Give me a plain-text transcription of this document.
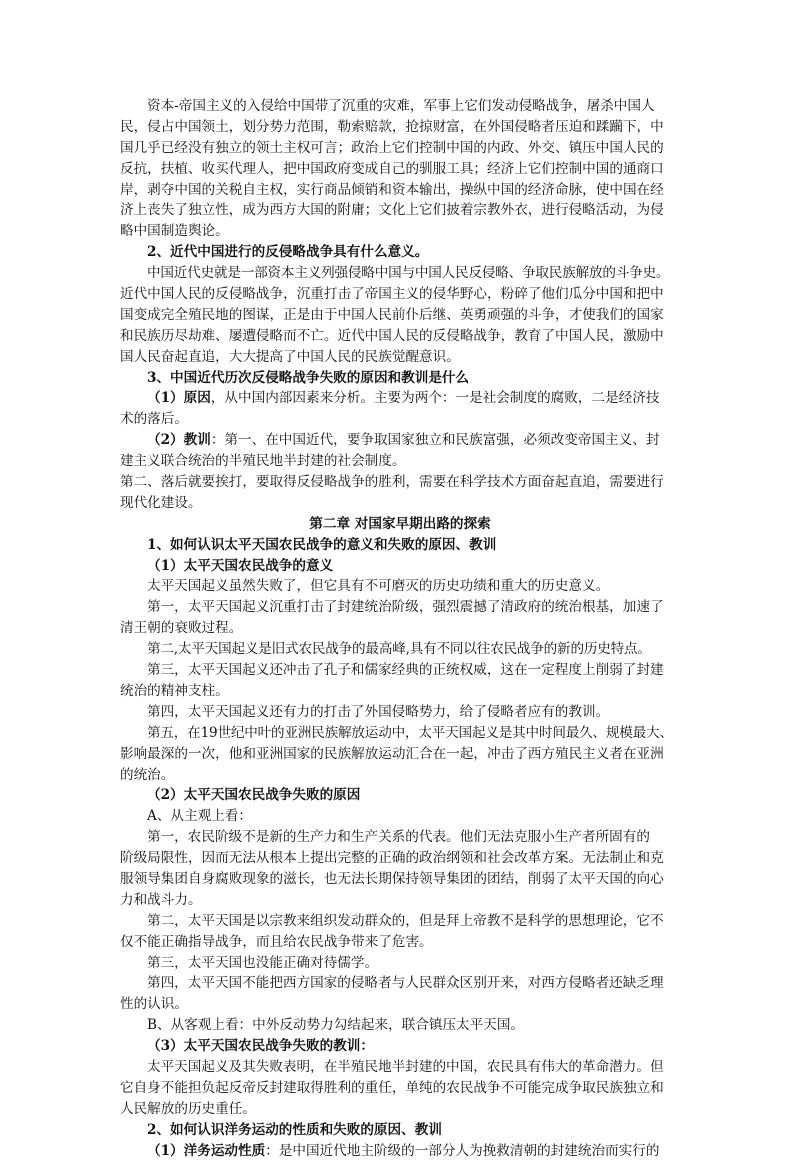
资本-帝国主义的入侵给中国带了沉重的灾难，军事上它们发动侵略战争，屠杀中国人
民，侵占中国领土，划分势力范围，勒索赔款，抢掠财富，在外国侵略者压迫和蹂躏下，中
国几乎已经没有独立的领土主权可言；政治上它们控制中国的内政、外交、镇压中国人民的
反抗，扶植、收买代理人，把中国政府变成自己的驯服工具；经济上它们控制中国的通商口
岸，剥夺中国的关税自主权，实行商品倾销和资本输出，操纵中国的经济命脉，使中国在经
济上丧失了独立性，成为西方大国的附庸；文化上它们披着宗教外衣，进行侵略活动，为侵
略中国制造舆论。
2、近代中国进行的反侵略战争具有什么意义。
中国近代史就是一部资本主义列强侵略中国与中国人民反侵略、争取民族解放的斗争史。
近代中国人民的反侵略战争，沉重打击了帝国主义的侵华野心，粉碎了他们瓜分中国和把中
国变成完全殖民地的图谋，正是由于中国人民前仆后继、英勇顽强的斗争，才使我们的国家
和民族历尽劫难、屡遭侵略而不亡。近代中国人民的反侵略战争，教育了中国人民，激励中
国人民奋起直追，大大提高了中国人民的民族觉醒意识。
3、中国近代历次反侵略战争失败的原因和教训是什么
（1）原因，从中国内部因素来分析。主要为两个：一是社会制度的腐败，二是经济技
术的落后。
（2）教训：第一、在中国近代，要争取国家独立和民族富强，必须改变帝国主义、封
建主义联合统治的半殖民地半封建的社会制度。
第二、落后就要挨打，要取得反侵略战争的胜利，需要在科学技术方面奋起直追，需要进行
现代化建设。
第二章 对国家早期出路的探索
1、如何认识太平天国农民战争的意义和失败的原因、教训
（1）太平天国农民战争的意义
太平天国起义虽然失败了，但它具有不可磨灭的历史功绩和重大的历史意义。
第一，太平天国起义沉重打击了封建统治阶级，强烈震撼了清政府的统治根基，加速了
清王朝的衰败过程。
第二,太平天国起义是旧式农民战争的最高峰,具有不同以往农民战争的新的历史特点。
第三，太平天国起义还冲击了孔子和儒家经典的正统权威，这在一定程度上削弱了封建
统治的精神支柱。
第四，太平天国起义还有力的打击了外国侵略势力，给了侵略者应有的教训。
第五，在19世纪中叶的亚洲民族解放运动中，太平天国起义是其中时间最久、规模最大、
影响最深的一次，他和亚洲国家的民族解放运动汇合在一起，冲击了西方殖民主义者在亚洲
的统治。
（2）太平天国农民战争失败的原因
A、从主观上看：
第一，农民阶级不是新的生产力和生产关系的代表。他们无法克服小生产者所固有的
阶级局限性，因而无法从根本上提出完整的正确的政治纲领和社会改革方案。无法制止和克
服领导集团自身腐败现象的滋长，也无法长期保持领导集团的团结，削弱了太平天国的向心
力和战斗力。
第二，太平天国是以宗教来组织发动群众的，但是拜上帝教不是科学的思想理论，它不
仅不能正确指导战争，而且给农民战争带来了危害。
第三，太平天国也没能正确对待儒学。
第四，太平天国不能把西方国家的侵略者与人民群众区别开来，对西方侵略者还缺乏理
性的认识。
B、从客观上看：中外反动势力勾结起来，联合镇压太平天国。
（3）太平天国农民战争失败的教训：
太平天国起义及其失败表明，在半殖民地半封建的中国，农民具有伟大的革命潜力。但
它自身不能担负起反帝反封建取得胜利的重任，单纯的农民战争不可能完成争取民族独立和
人民解放的历史重任。
2、如何认识洋务运动的性质和失败的原因、教训
（1）洋务运动性质：是中国近代地主阶级的一部分人为挽救清朝的封建统治而实行的
